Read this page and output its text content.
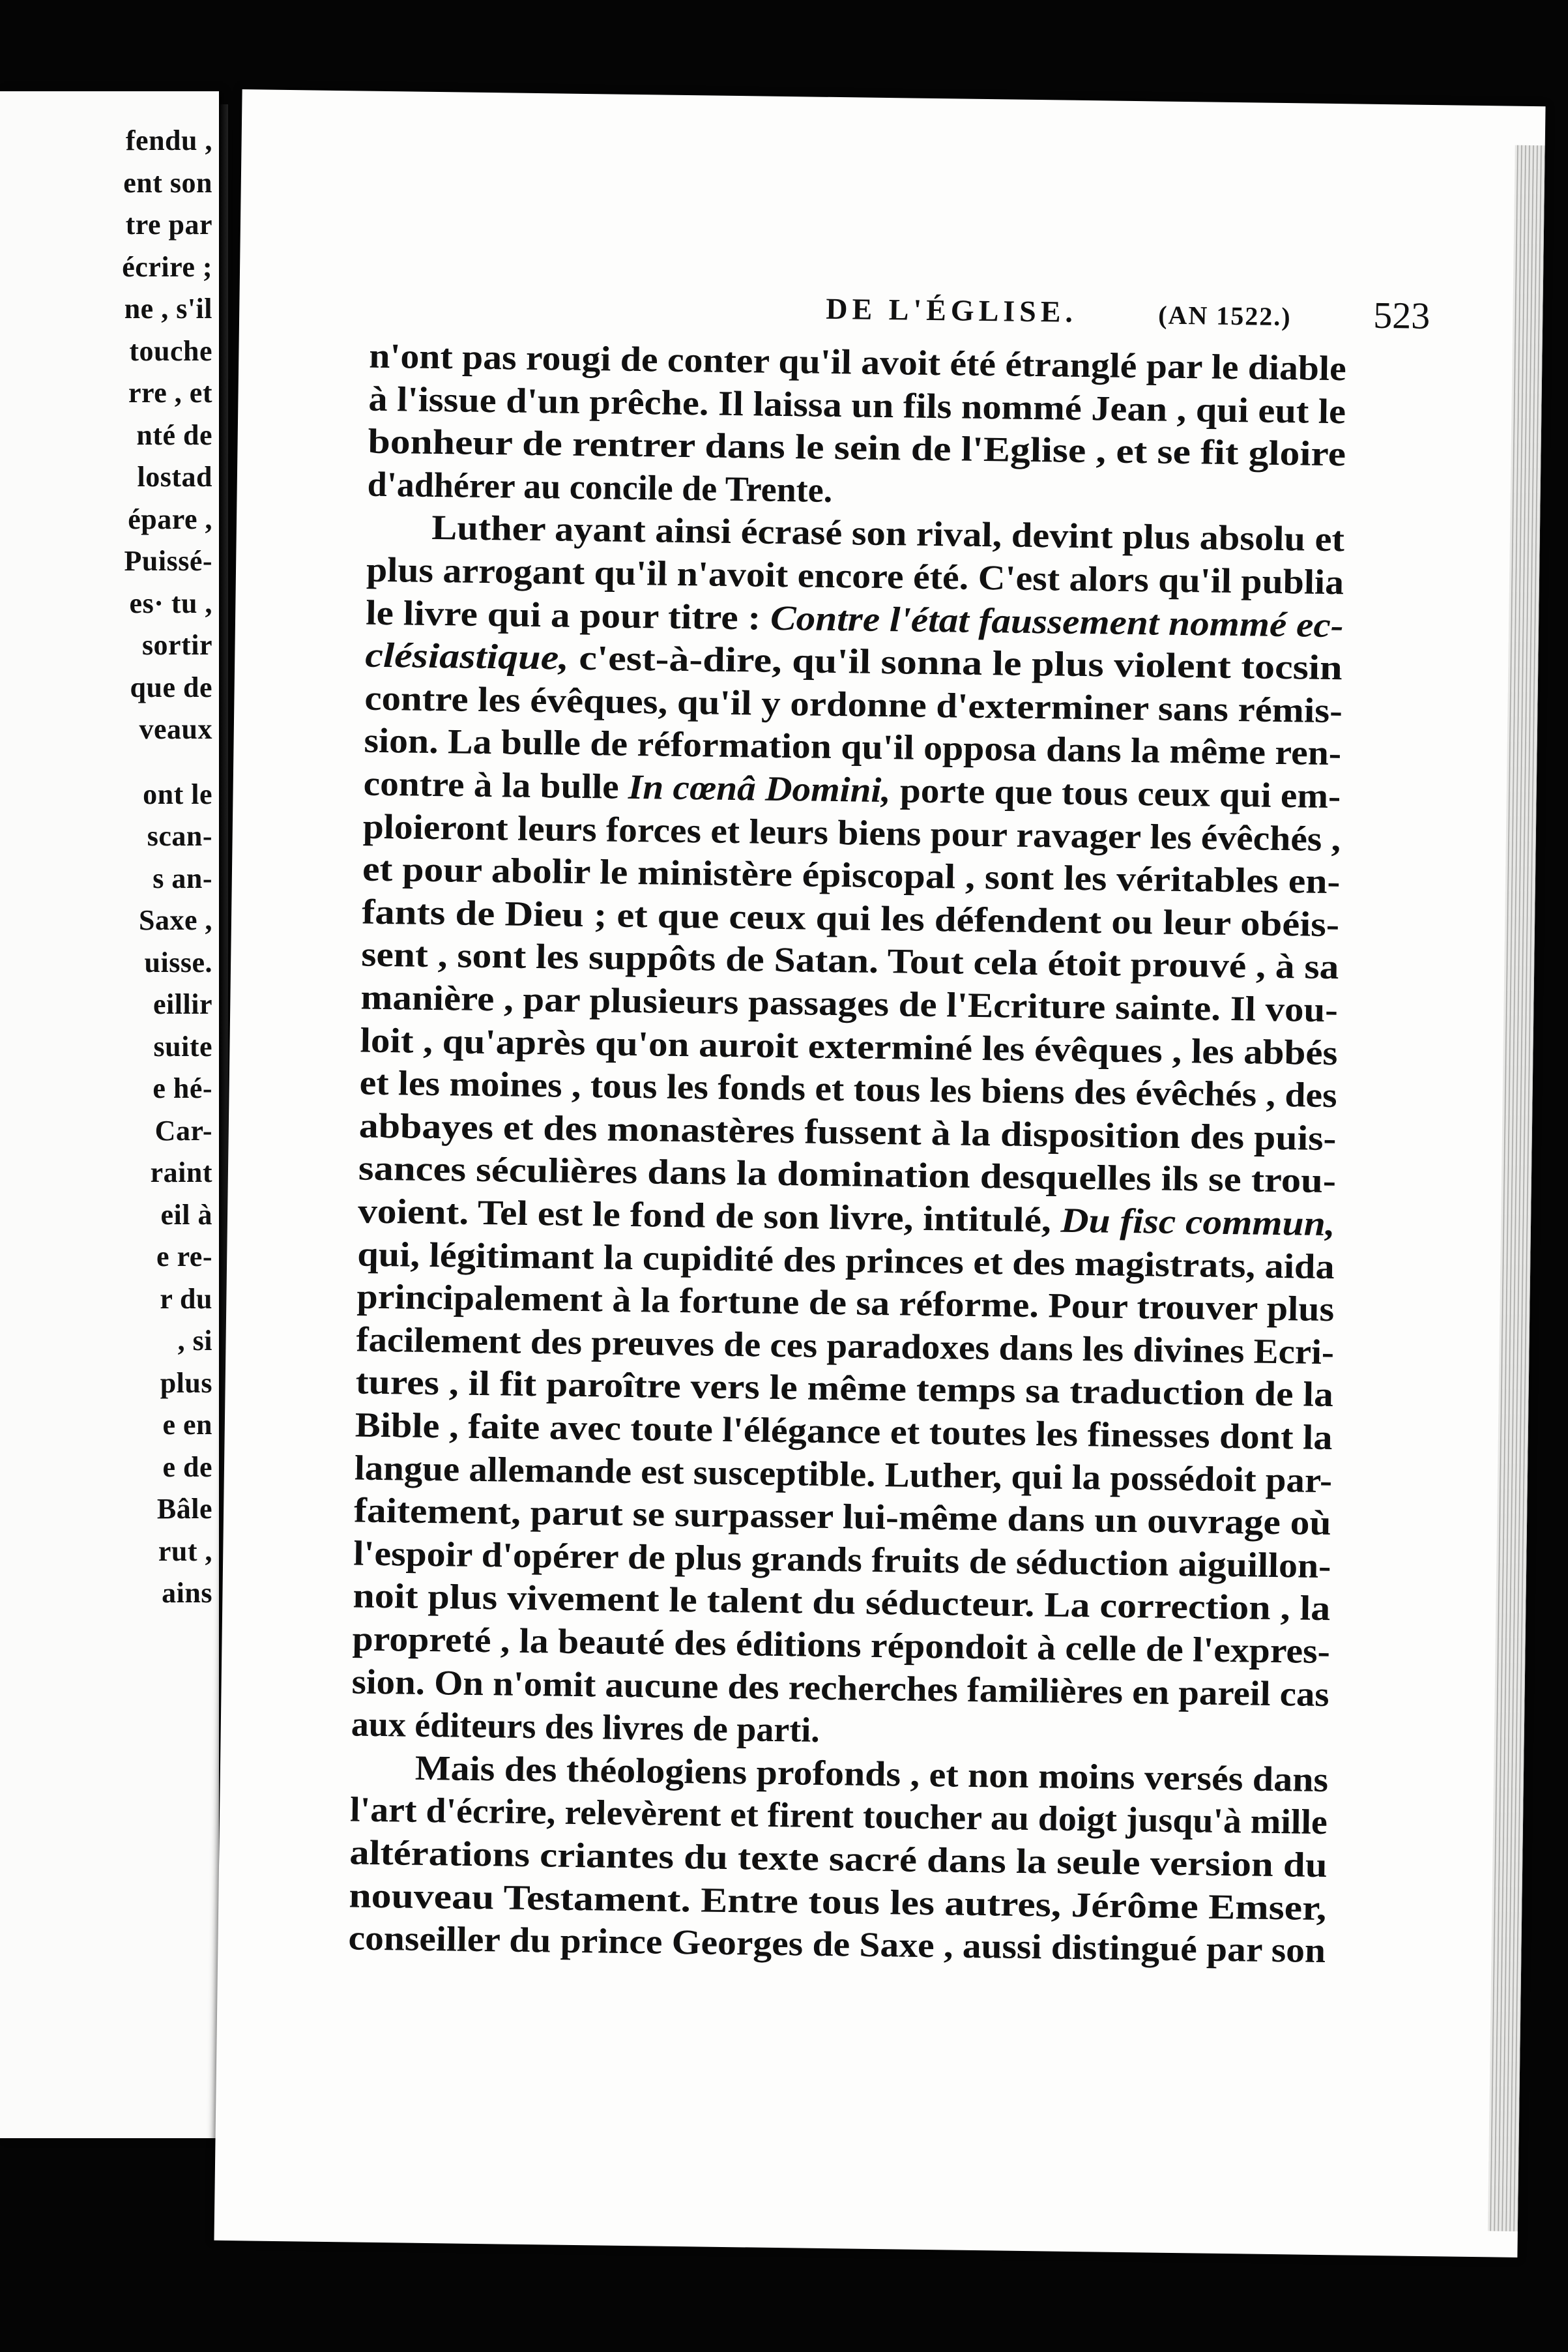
fendu ,
ent son
tre par
écrire ;
ne , s'il
touche
rre , et
nté de
lostad
épare ,
Puissé-
es· tu ,
sortir
que de
veaux
ont le
scan-
s an-
Saxe ,
uisse.
eillir
suite
e hé-
Car-
raint
eil à
e re-
r du
, si
plus
e en
e de
Bâle
rut ,
ains
DE L'ÉGLISE.	(AN 1522.) 523
n'ont pas rougi de conter qu'il avoit été étranglé par le diable
à l'issue d'un prêche. Il laissa un fils nommé Jean , qui eut le
bonheur de rentrer dans le sein de l'Eglise , et se fit gloire
d'adhérer au concile de Trente.
Luther ayant ainsi écrasé son rival, devint plus absolu et
plus arrogant qu'il n'avoit encore été. C'est alors qu'il publia
le livre qui a pour titre : Contre l'état faussement nommé ec-
clésiastique, c'est-à-dire, qu'il sonna le plus violent tocsin
contre les évêques, qu'il y ordonne d'exterminer sans rémis-
sion. La bulle de réformation qu'il opposa dans la même ren-
contre à la bulle In cœnâ Domini, porte que tous ceux qui em-
ploieront leurs forces et leurs biens pour ravager les évêchés ,
et pour abolir le ministère épiscopal , sont les véritables en-
fants de Dieu ; et que ceux qui les défendent ou leur obéis-
sent , sont les suppôts de Satan. Tout cela étoit prouvé , à sa
manière , par plusieurs passages de l'Ecriture sainte. Il vou-
loit , qu'après qu'on auroit exterminé les évêques , les abbés
et les moines , tous les fonds et tous les biens des évêchés , des
abbayes et des monastères fussent à la disposition des puis-
sances séculières dans la domination desquelles ils se trou-
voient. Tel est le fond de son livre, intitulé, Du fisc commun,
qui, légitimant la cupidité des princes et des magistrats, aida
principalement à la fortune de sa réforme. Pour trouver plus
facilement des preuves de ces paradoxes dans les divines Ecri-
tures , il fit paroître vers le même temps sa traduction de la
Bible , faite avec toute l'élégance et toutes les finesses dont la
langue allemande est susceptible. Luther, qui la possédoit par-
faitement, parut se surpasser lui-même dans un ouvrage où
l'espoir d'opérer de plus grands fruits de séduction aiguillon-
noit plus vivement le talent du séducteur. La correction , la
propreté , la beauté des éditions répondoit à celle de l'expres-
sion. On n'omit aucune des recherches familières en pareil cas
aux éditeurs des livres de parti.
Mais des théologiens profonds , et non moins versés dans
l'art d'écrire, relevèrent et firent toucher au doigt jusqu'à mille
altérations criantes du texte sacré dans la seule version du
nouveau Testament. Entre tous les autres, Jérôme Emser,
conseiller du prince Georges de Saxe , aussi distingué par son
